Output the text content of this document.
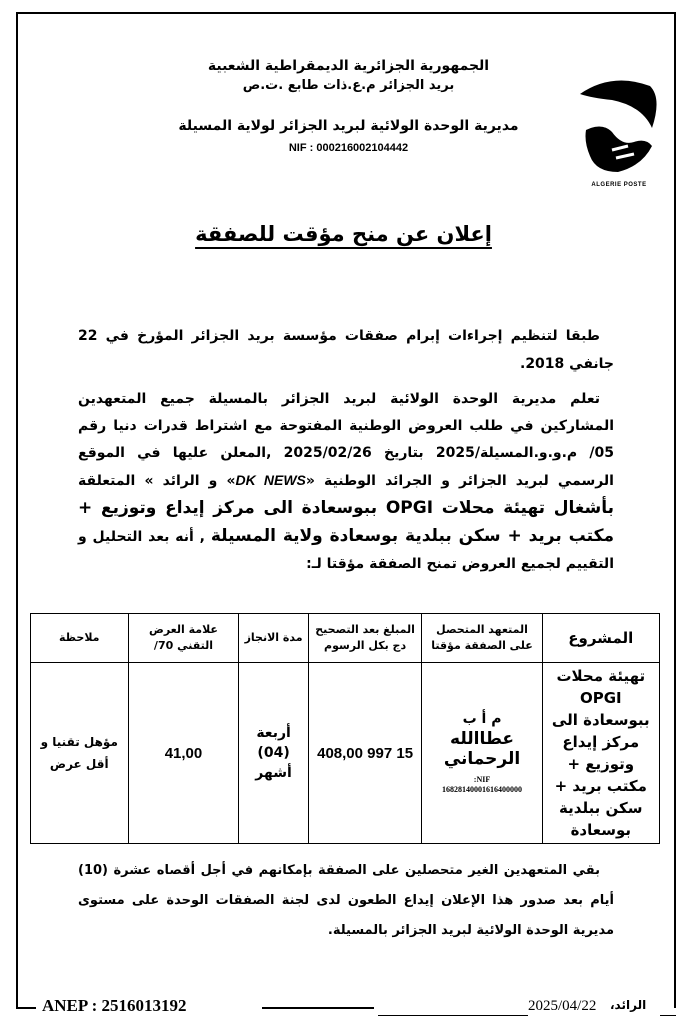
الجمهورية الجزائرية الديمقراطية الشعبية
بريد الجزائر م.ع.ذات طابع .ت.ص
مديرية الوحدة الولائية لبريد الجزائر لولاية المسيلة
NIF : 000216002104442
ALGERIE POSTE
إعلان عن منح مؤقت للصفقة
طبقا لتنظيم إجراءات إبرام صفقات مؤسسة بريد الجزائر المؤرخ في 22 جانفي 2018.
تعلم مديرية الوحدة الولائية لبريد الجزائر بالمسيلة جميع المتعهدين المشاركين في طلب العروض الوطنية المفتوحة مع اشتراط قدرات دنيا رقم 05/ م.و.و.المسيلة/2025 بتاريخ 2025/02/26 ,المعلن عليها في الموقع الرسمي لبريد الجزائر و الجرائد الوطنية «DK NEWS» و الرائد » المتعلقة بأشغال تهيئة محلات OPGI ببوسعادة الى مركز إيداع وتوزيع + مكتب بريد + سكن ببلدية بوسعادة ولاية المسيلة , أنه بعد التحليل و التقييم لجميع العروض تمنح الصفقة مؤقتا لـ:
المشروع	المتعهد المتحصل على الصفقة مؤقتا	المبلغ بعد التصحيح دج بكل الرسوم	مدة الانجاز	علامة العرض التقني 70/	ملاحظة
تهيئة محلات OPGI ببوسعادة الى مركز إيداع وتوزيع + مكتب بريد + سكن ببلدية بوسعادة	م أ ب
عطاالله الرحماني
NIF:
16828140001616400000	15 997 408,00	أربعة (04) أشهر	41,00	مؤهل تقنيا و أقل عرض
بقي المتعهدين الغير متحصلين على الصفقة بإمكانهم في أجل أقصاه عشرة (10) أيام بعد صدور هذا الإعلان إيداع الطعون لدى لجنة الصفقات الوحدة على مستوى مديرية الوحدة الولائية لبريد الجزائر بالمسيلة.
ANEP : 2516013192	2025/04/22 الرائد،
